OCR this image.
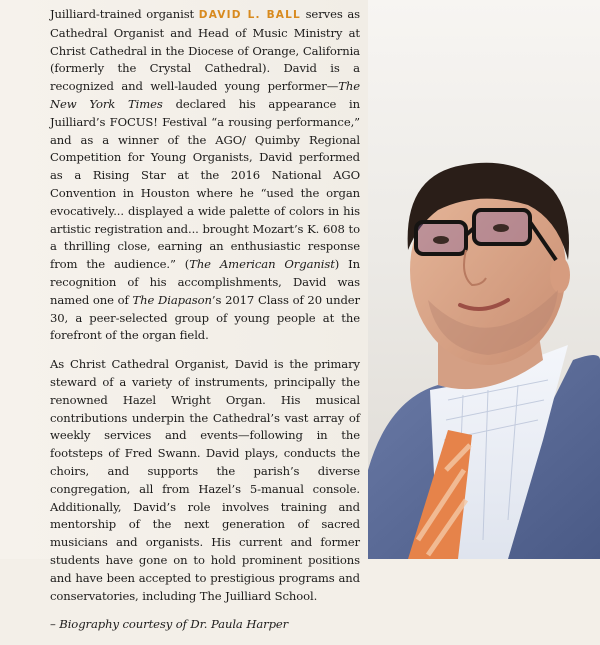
Juilliard-trained organist DAVID L. BALL serves as Cathedral Organist and Head of Music Ministry at Christ Cathedral in the Diocese of Orange, California (formerly the Crystal Cathedral). David is a recognized and well-lauded young performer—The New York Times declared his appearance in Juilliard’s FOCUS! Festival “a rousing performance,” and as a winner of the AGO/ Quimby Regional Competition for Young Organists, David performed as a Rising Star at the 2016 National AGO Convention in Houston where he “used the organ evocatively... displayed a wide palette of colors in his artistic registration and... brought Mozart’s K. 608 to a thrilling close, earning an enthusiastic response from the audience.” (The American Organist) In recognition of his accomplishments, David was named one of The Diapason’s 2017 Class of 20 under 30, a peer-selected group of young people at the forefront of the organ field.

As Christ Cathedral Organist, David is the primary steward of a variety of instruments, principally the renowned Hazel Wright Organ. His musical contributions underpin the Cathedral’s vast array of weekly services and events—following in the footsteps of Fred Swann. David plays, conducts the choirs, and supports the parish’s diverse congregation, all from Hazel’s 5-manual console. Additionally, David’s role involves training and mentorship of the next generation of sacred musicians and organists. His current and former students have gone on to hold prominent positions and have been accepted to prestigious programs and conservatories, including The Juilliard School.

– Biography courtesy of Dr. Paula Harper
